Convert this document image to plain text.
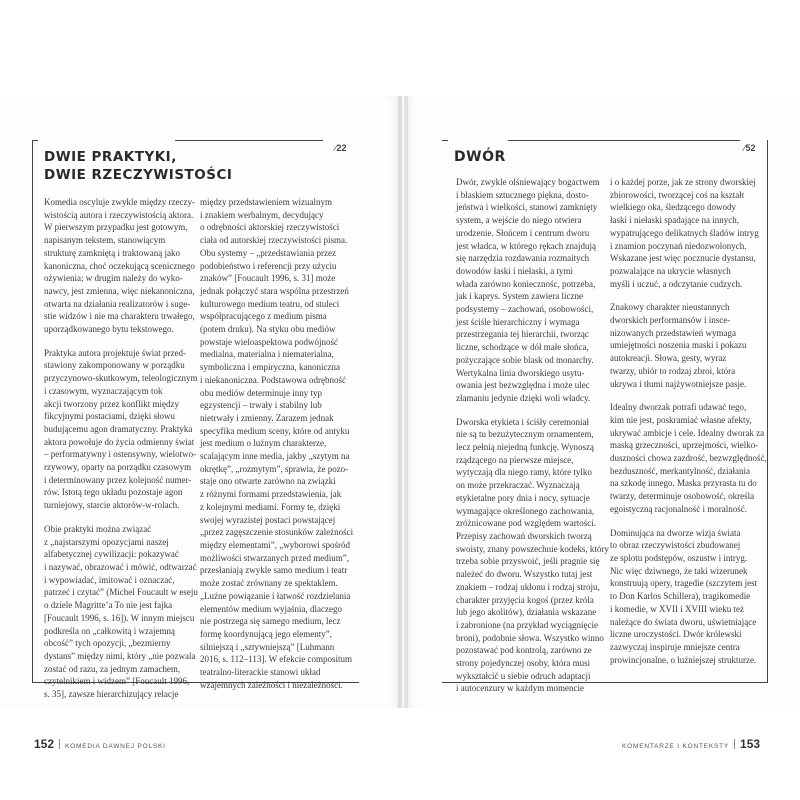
DWIE PRAKTYKI,
DWIE RZECZYWISTOŚCI
∕22

Komedia oscyluje zwykle między rzeczy-
wistością autora i rzeczywistością aktora.
W pierwszym przypadku jest gotowym,
napisanym tekstem, stanowiącym
strukturę zamkniętą i traktowaną jako
kanoniczna, choć oczekującą scenicznego
ożywienia; w drugim należy do wyko-
nawcy, jest zmienna, więc niekanoniczna,
otwarta na działania realizatorów i suge-
stie widzów i nie ma charakteru trwałego,
uporządkowanego bytu tekstowego.

Praktyka autora projektuje świat przed-
stawiony zakomponowany w porządku
przyczynowo-skutkowym, teleologicznym
i czasowym, wyznaczającym tok
akcji tworzony przez konflikt między
fikcyjnymi postaciami, dzięki słowu
budującemu agon dramatyczny. Praktyka
aktora powołuje do życia odmienny świat
– performatywny i ostensywny, wielotwo-
rzywowy, oparty na porządku czasowym
i determinowany przez kolejność numer-
rów. Istotą tego układu pozostaje agon
turniejowy, starcie aktorów-w-rolach.

Obie praktyki można związać
z „najstarszymi opozycjami naszej
alfabetycznej cywilizacji: pokazywać
i nazywać, obrazować i mówić, odtwarzać
i wypowiadać, imitować i oznaczać,
patrzeć i czytać” (Michel Foucault w eseju
o dziele Magritte’a To nie jest fajka
[Foucault 1996, s. 16]). W innym miejscu
podkreśla on „całkowitą i wzajemną
obcość” tych opozycji, „bezmierny
dystans” między nimi, który „nie pozwala
zostać od razu, za jednym zamachem,
czytelnikiem i widzem” [Foucault 1996,
s. 35], zawsze hierarchizujący relacje

między przedstawieniem wizualnym
i znakiem werbalnym, decydujący
o odrębności aktorskiej rzeczywistości
ciała od autorskiej rzeczywistości pisma.
Obu systemy – „przedstawiania przez
podobieństwo i referencji przy użyciu
znaków” [Foucault 1996, s. 31] może
jednak połączyć stara wspólna przestrzeń
kulturowego medium teatru, od stuleci
współpracującego z medium pisma
(potem druku). Na styku obu mediów
powstaje wieloaspektowa podwójność
medialna, materialna i niematerialna,
symboliczna i empiryczna, kanoniczna
i niekanoniczna. Podstawowa odrębność
obu mediów determinuje inny typ
egzystencji – trwały i stabilny lub
nietrwały i zmienny. Zarazem jednak
specyfika medium sceny, które od antyku
jest medium o luźnym charakterze,
scalającym inne media, jakby „szytym na
okrętkę”, „rozmytym”, sprawia, że pozo-
staje ono otwarte zarówno na związki
z różnymi formami przedstawienia, jak
z kolejnymi mediami. Formy te, dzięki
swojej wyrazistej postaci powstającej
„przez zagęszczenie stosunków zależności
między elementami”, „wyborowi spośród
możliwości stwarzanych przed medium”,
przesłaniają zwykle samo medium i teatr
może zostać zrównany ze spektaklem.
„Luźne powiązanie i łatwość rozdzielania
elementów medium wyjaśnia, dlaczego
nie postrzega się samego medium, lecz
formę koordynującą jego elementy”,
silniejszą i „sztywniejszą” [Luhmann
2016, s. 112–113]. W efekcie compositum
teatralno-literackie stanowi układ
wzajemnych zależności i niezależności.

DWÓR
∕52

Dwór, zwykle olśniewający bogactwem
i blaskiem sztucznego piękna, dosto-
jeństwa i wielkości, stanowi zamknięty
system, a wejście do niego otwiera
urodzenie. Słońcem i centrum dworu
jest władca, w którego rękach znajdują
się narzędzia rozdawania rozmaitych
dowodów łaski i niełaski, a tymi
włada zarówno koniecznośc, potrzeba,
jak i kaprys. System zawiera liczne
podsystemy – zachowań, osobowości,
jest ściśle hierarchiczny i wymaga
przestrzegania tej hierarchii, tworząc
liczne, schodzące w dół małe słońca,
pożyczające sobie blask od monarchy.
Wertykalna linia dworskiego usytu-
owania jest bezwzględna i może ulec
złamaniu jedynie dzięki woli władcy.

Dworska etykieta i ściśły ceremoniał
nie są tu bezużytecznym ornamentem,
lecz pełnią niejedną funkcję. Wynoszą
rządzącego na pierwsze miejsce,
wytyczają dla niego ramy, które tylko
on może przekraczać. Wyznaczają
etykietalne pory dnia i nocy, sytuacje
wymagające określonego zachowania,
zróżnicowane pod względem wartości.
Przepisy zachowań dworskich tworzą
swoisty, znany powszechnie kodeks, który
trzeba sobie przyswoić, jeśli pragnie się
należeć do dworu. Wszystko tutaj jest
znakiem – rodzaj ukłonu i rodzaj stroju,
charakter przyjęcia kogoś (przez króla
lub jego akolitów), działania wskazane
i zabronione (na przykład wyciągnięcie
broni), podobnie słowa. Wszystko winno
pozostawać pod kontrolą, zarówno ze
strony pojedynczej osoby, która musi
wykształcić u siebie odruch adaptacji
i autocenzury w każdym momencie

i o każdej porze, jak ze strony dworskiej
zbiorowości, tworzącej coś na kształt
wielkiego oka, śledzącego dowody
łaski i niełaski spadające na innych,
wypatrującego delikatnych śladów intryg
i znamion poczynań niedozwolonych.
Wskazane jest więc pocznucie dystansu,
pozwalające na ukrycie własnych
myśli i uczuć, a odczytanie cudzych.

Znakowy charakter nieustannych
dworskich performansów i insce-
nizowanych przedstawień wymaga
umiejętności noszenia maski i pokazu
autokreacji. Słowa, gesty, wyraz
twarzy, ubiór to rodzaj zbroi, która
ukrywa i tłumi najżywotniejsze pasje.

Idealny dworzak potrafi udawać tego,
kim nie jest, poskramiać własne afekty,
ukrywać ambicje i cele. Idealny dworak za
maską grzeczności, uprzejmości, wielko-
duszności chowa zazdrość, bezwzględność,
bezduszność, merkantylność, działania
na szkodę innego. Maska przyrasta tu do
twarzy, determinuje osobowość, określa
egoistyczną racjonalność i moralność.

Dominująca na dworze wizja świata
to obraz rzeczywistości zbudowanej
ze splotu podstępów, oszustw i intryg.
Nic więc dziwnego, że taki wizerunek
konstruują opery, tragedie (szczytem jest
to Don Karlos Schillera), tragikomedie
i komedie, w XVII i XVIII wieku też
należące do świata dworu, uświetniające
liczne uroczystości. Dwór królewski
zazwyczaj inspiruje mniejsze centra
prowincjonalne, o luźniejszej strukturze.

152 KOMEDIA DAWNEJ POLSKI	KOMENTARZE I KONTEKSTY 153
